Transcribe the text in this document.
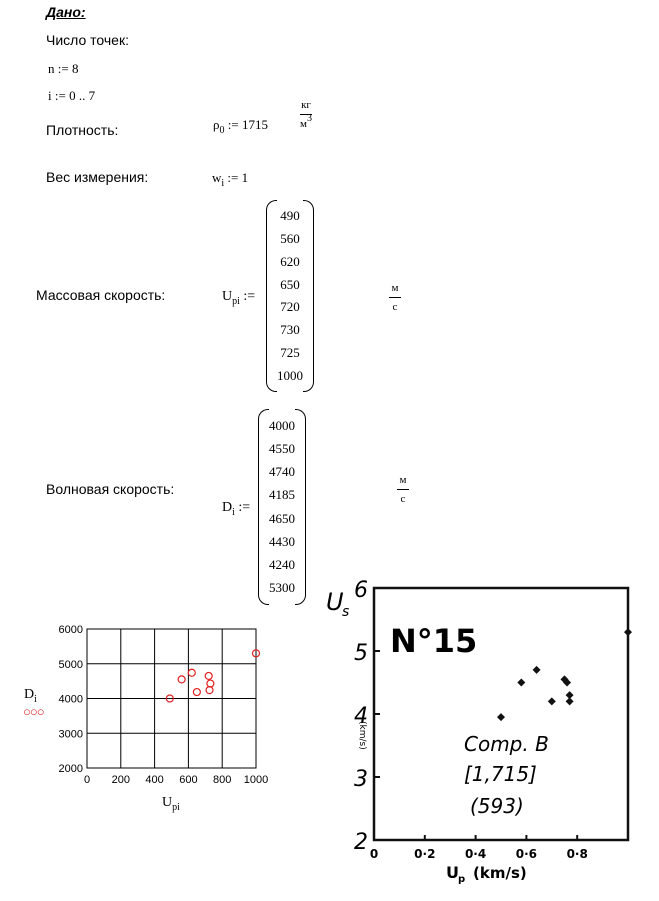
Дано:
Число точек:
n := 8
i := 0 .. 7
Плотность:	$\rho_0$ := 1715
кг
м3
Вес измерения:	$w_i$ := 1
Массовая скорость:	$U_{pi}$ :=
490
560
620
650
720
730
725
1000
м
с
Волновая скорость:
$D_i$ :=
4000
4550
4740
4185
4650
4430
4240
5300
м
с
$D_i$
○○○
$U_{pi}$
0 200 400 600 800 1000
2000
3000
4000
5000
6000	N°15
U
s
(km/s)	Comp. B
[1,715]
(593)
U p (km/s)
2
3
4
5
6
0	0·2 0·4 0·6 0·8
